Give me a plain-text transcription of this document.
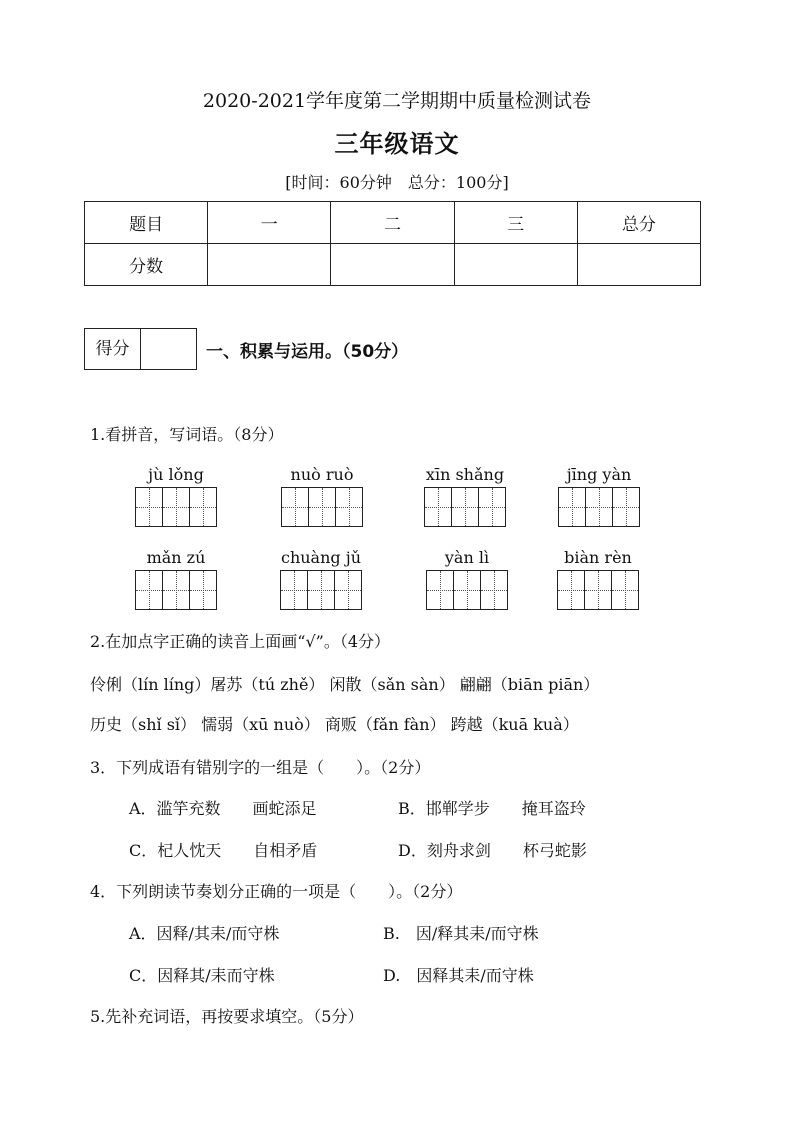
2020-2021学年度第二学期期中质量检测试卷
三年级语文
[时间：60分钟　总分：100分]
题目	一	二	三	总分
分数				
得分	一、积累与运用。（50分）
1.看拼音，写词语。（8分）
jù lǒng	nuò ruò	xīn shǎng	jīng yàn
mǎn zú	chuàng jǔ	yàn lì	biàn rèn
2.在加点字正确的读音上面画“√”。（4分）
伶俐（lín líng）屠苏（tú zhě） 闲散（sǎn sàn） 翩翩（biān piān）
历史（shǐ sǐ） 懦弱（xū nuò） 商贩（fǎn fàn） 跨越（kuā kuà）
3．下列成语有错别字的一组是（　　）。（2分）
A．滥竽充数　　画蛇添足	B．邯郸学步　　掩耳盗玲
C．杞人忱天　　自相矛盾	D．刻舟求剑　　杯弓蛇影
4．下列朗读节奏划分正确的一项是（　　）。（2分）
A．因释/其耒/而守株	B.　因/释其耒/而守株
C．因释其/耒而守株	D.　因释其耒/而守株
5.先补充词语，再按要求填空。（5分）
